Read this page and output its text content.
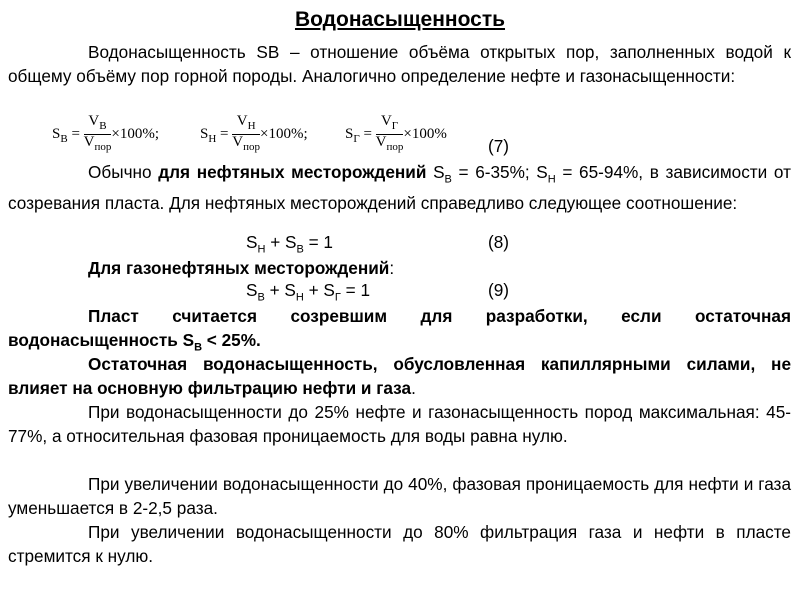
Водонасыщенность

Водонасыщенность SB – отношение объёма открытых пор, заполненных водой к общему объёму пор горной породы. Аналогично определение нефте и газонасыщенности:

$S_В = \frac{V_В}{V_{пор}} \times 100\%$;	$S_Н = \frac{V_Н}{V_{пор}} \times 100\%$; $S_Г = \frac{V_Г}{V_{пор}} \times 100\%$
(7)

Обычно для нефтяных месторождений $S_В = 6-35\%$; $S_Н = 65-94\%$, в зависимости от созревания пласта. Для нефтяных месторождений справедливо следующее соотношение:

$S_Н + S_В = 1$	(8)

Для газонефтяных месторождений:

$S_В + S_Н + S_Г = 1$	(9)

Пласт считается созревшим для разработки, если остаточная водонасыщенность $S_В < 25\%$.

Остаточная водонасыщенность, обусловленная капиллярными силами, не влияет на основную фильтрацию нефти и газа.

При водонасыщенности до 25% нефте и газонасыщенность пород максимальная: 45-77%, а относительная фазовая проницаемость для воды равна нулю.

При увеличении водонасыщенности до 40%, фазовая проницаемость для нефти и газа уменьшается в 2-2,5 раза.

При увеличении водонасыщенности до 80% фильтрация газа и нефти в пласте стремится к нулю.
